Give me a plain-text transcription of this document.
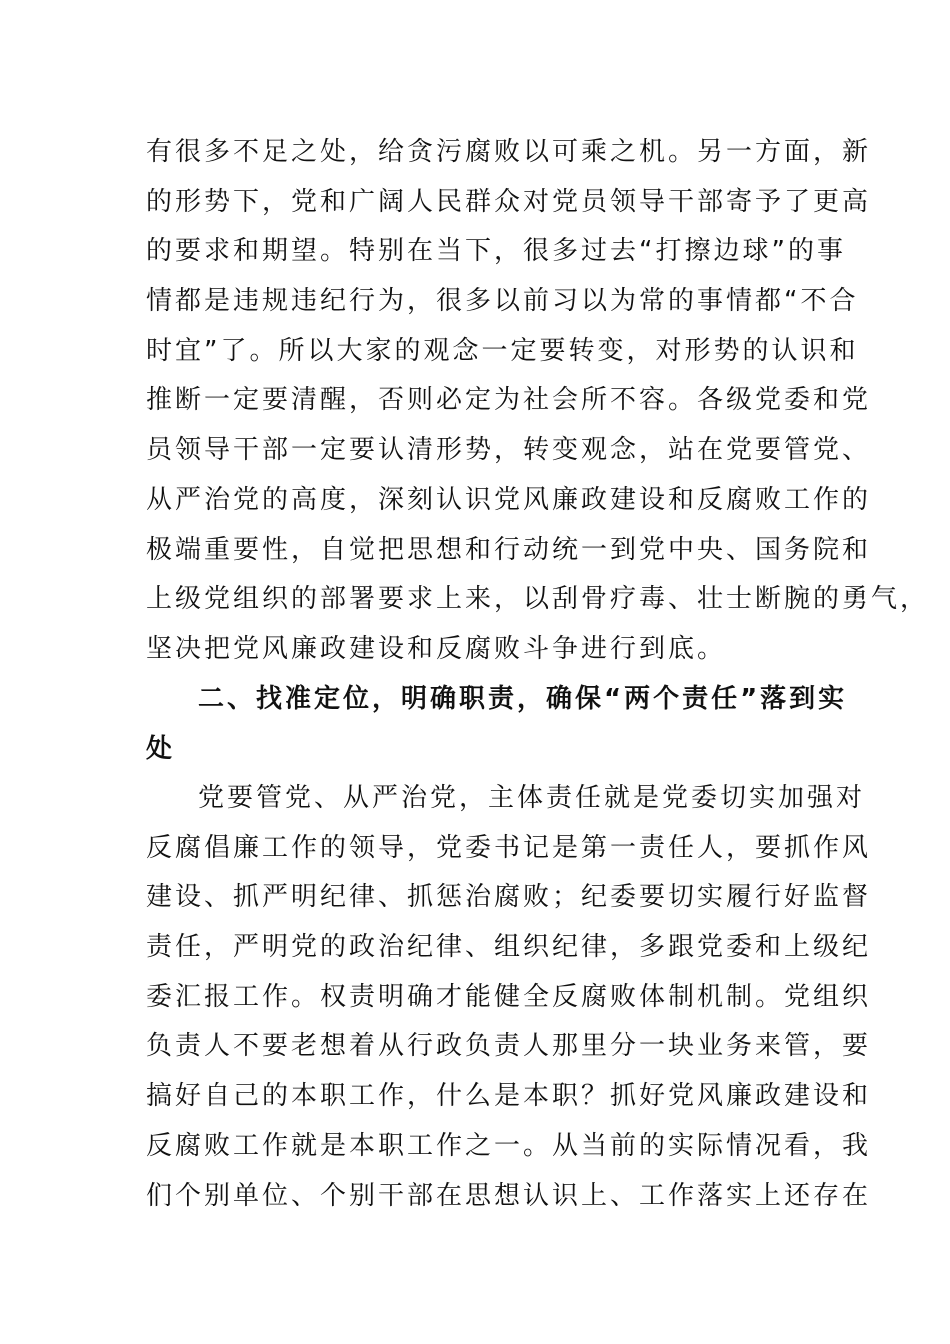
有很多不足之处，给贪污腐败以可乘之机。另一方面，新
的形势下，党和广阔人民群众对党员领导干部寄予了更高
的要求和期望。特别在当下，很多过去“打擦边球”的事
情都是违规违纪行为，很多以前习以为常的事情都“不合
时宜”了。所以大家的观念一定要转变，对形势的认识和
推断一定要清醒，否则必定为社会所不容。各级党委和党
员领导干部一定要认清形势，转变观念，站在党要管党、
从严治党的高度，深刻认识党风廉政建设和反腐败工作的
极端重要性，自觉把思想和行动统一到党中央、国务院和
上级党组织的部署要求上来，以刮骨疗毒、壮士断腕的勇气，
坚决把党风廉政建设和反腐败斗争进行到底。
二、找准定位，明确职责，确保“两个责任”落到实
处
党要管党、从严治党，主体责任就是党委切实加强对
反腐倡廉工作的领导，党委书记是第一责任人，要抓作风
建设、抓严明纪律、抓惩治腐败；纪委要切实履行好监督
责任，严明党的政治纪律、组织纪律，多跟党委和上级纪
委汇报工作。权责明确才能健全反腐败体制机制。党组织
负责人不要老想着从行政负责人那里分一块业务来管，要
搞好自己的本职工作，什么是本职？抓好党风廉政建设和
反腐败工作就是本职工作之一。从当前的实际情况看，我
们个别单位、个别干部在思想认识上、工作落实上还存在
